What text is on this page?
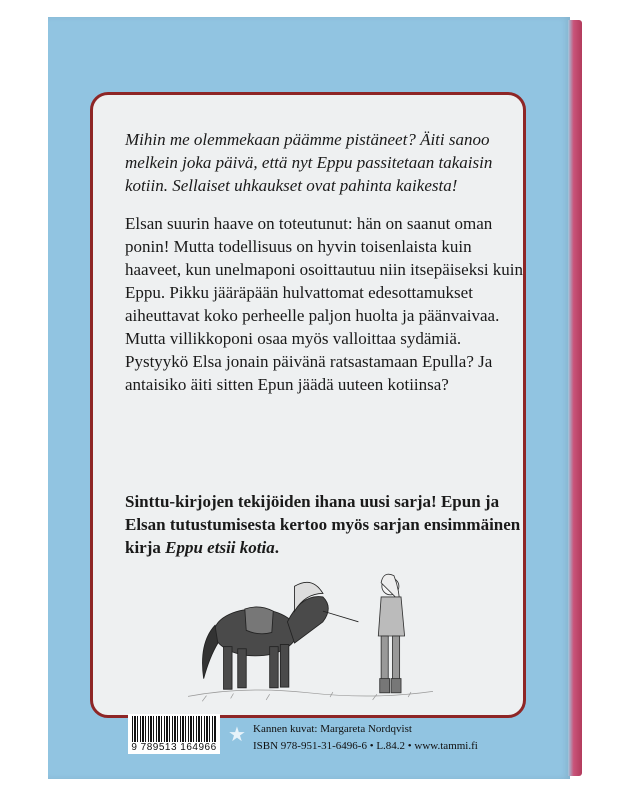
Mihin me olemmekaan päämme pistäneet? Äiti sanoo melkein joka päivä, että nyt Eppu passitetaan takaisin kotiin. Sellaiset uhkaukset ovat pahinta kaikesta!
Elsan suurin haave on toteutunut: hän on saanut oman ponin! Mutta todellisuus on hyvin toisenlaista kuin haaveet, kun unelmaponi osoittautuu niin itsepäiseksi kuin Eppu. Pikku jääräpään hulvattomat edesottamukset aiheuttavat koko perheelle paljon huolta ja päänvaivaa. Mutta villikkoponi osaa myös valloittaa sydämiä. Pystyykö Elsa jonain päivänä ratsastamaan Epulla? Ja antaisiko äiti sitten Epun jäädä uuteen kotiinsa?
Sinttu-kirjojen tekijöiden ihana uusi sarja! Epun ja Elsan tutustumisesta kertoo myös sarjan ensimmäinen kirja Eppu etsii kotia.
9 789513 164966
★ Kannen kuvat: Margareta Nordqvist
ISBN 978-951-31-6496-6 • L.84.2 • www.tammi.fi
